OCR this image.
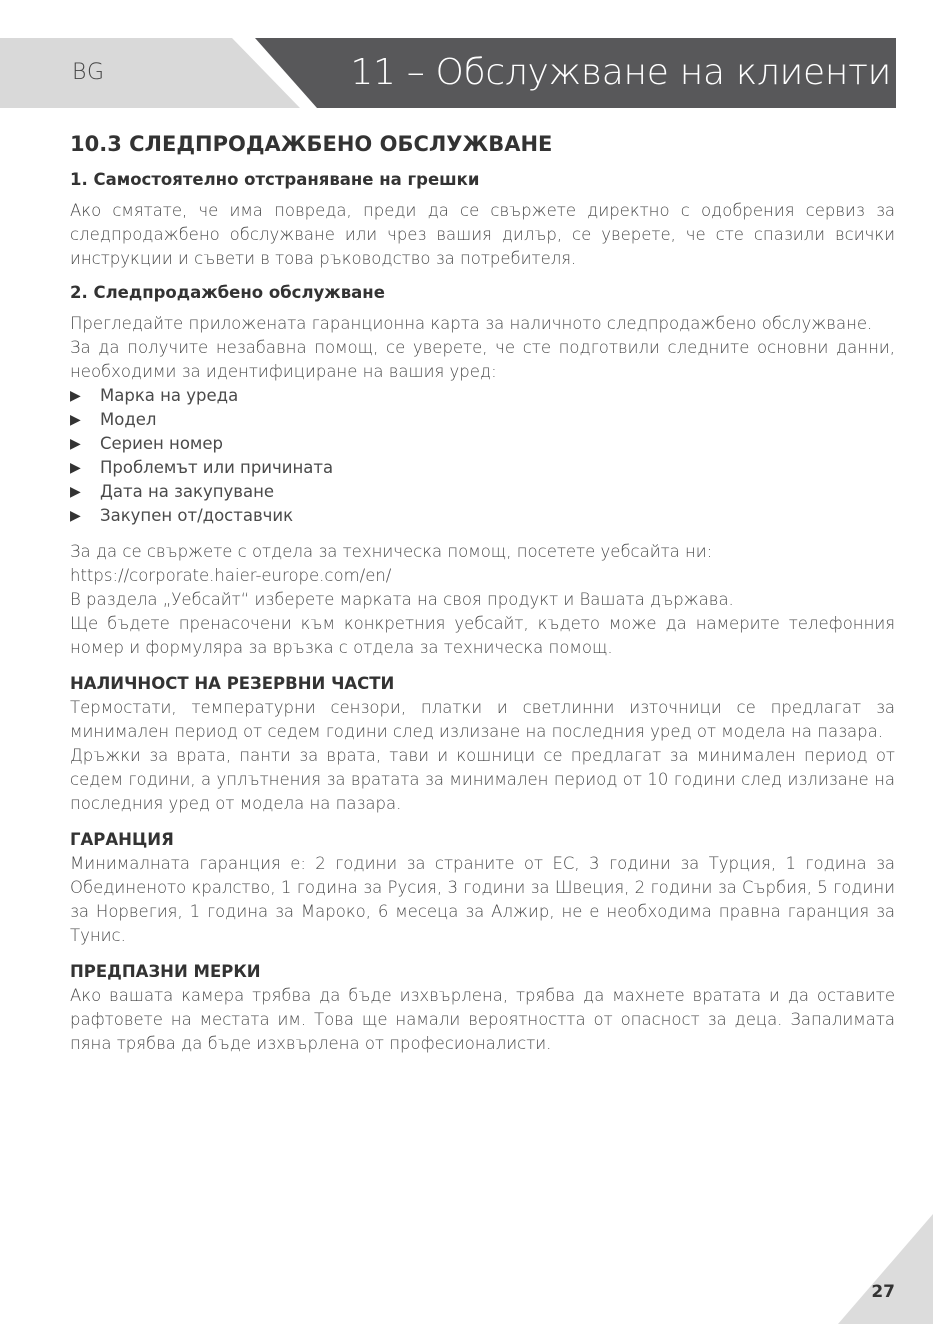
BG	11 – Обслужване на клиенти
10.3 СЛЕДПРОДАЖБЕНО ОБСЛУЖВАНЕ
1. Самостоятелно отстраняване на грешки

Ако смятате, че има повреда, преди да се свържете директно с одобрения сервиз за следпродажбено обслужване или чрез вашия дилър, се уверете, че сте спазили всички инструкции и съвети в това ръководство за потребителя.

2. Следпродажбено обслужване

Прегледайте приложената гаранционна карта за наличното следпродажбено обслужване.

За да получите незабавна помощ, се уверете, че сте подготвили следните основни данни, необходими за идентифициране на вашия уред:

▶	Марка на уреда
▶	Модел
▶	Сериен номер
▶	Проблемът или причината
▶	Дата на закупуване
▶	Закупен от/доставчик

За да се свържете с отдела за техническа помощ, посетете уебсайта ни:

https://corporate.haier-europe.com/en/

В раздела „Уебсайт“ изберете марката на своя продукт и Вашата държава.

Ще бъдете пренасочени към конкретния уебсайт, където може да намерите телефонния номер и формуляра за връзка с отдела за техническа помощ.

НАЛИЧНОСТ НА РЕЗЕРВНИ ЧАСТИ

Термостати, температурни сензори, платки и светлинни източници се предлагат за минимален период от седем години след излизане на последния уред от модела на пазара.

Дръжки за врата, панти за врата, тави и кошници се предлагат за минимален период от седем години, а уплътнения за вратата за минимален период от 10 години след излизане на последния уред от модела на пазара.

ГАРАНЦИЯ

Минималната гаранция е: 2 години за страните от ЕС, 3 години за Турция, 1 година за Обединеното кралство, 1 година за Русия, 3 години за Швеция, 2 години за Сърбия, 5 години за Норвегия, 1 година за Мароко, 6 месеца за Алжир, не е необходима правна гаранция за Тунис.

ПРЕДПАЗНИ МЕРКИ

Ако вашата камера трябва да бъде изхвърлена, трябва да махнете вратата и да оставите рафтовете на местата им. Това ще намали вероятността от опасност за деца. Запалимата пяна трябва да бъде изхвърлена от професионалисти.

27
